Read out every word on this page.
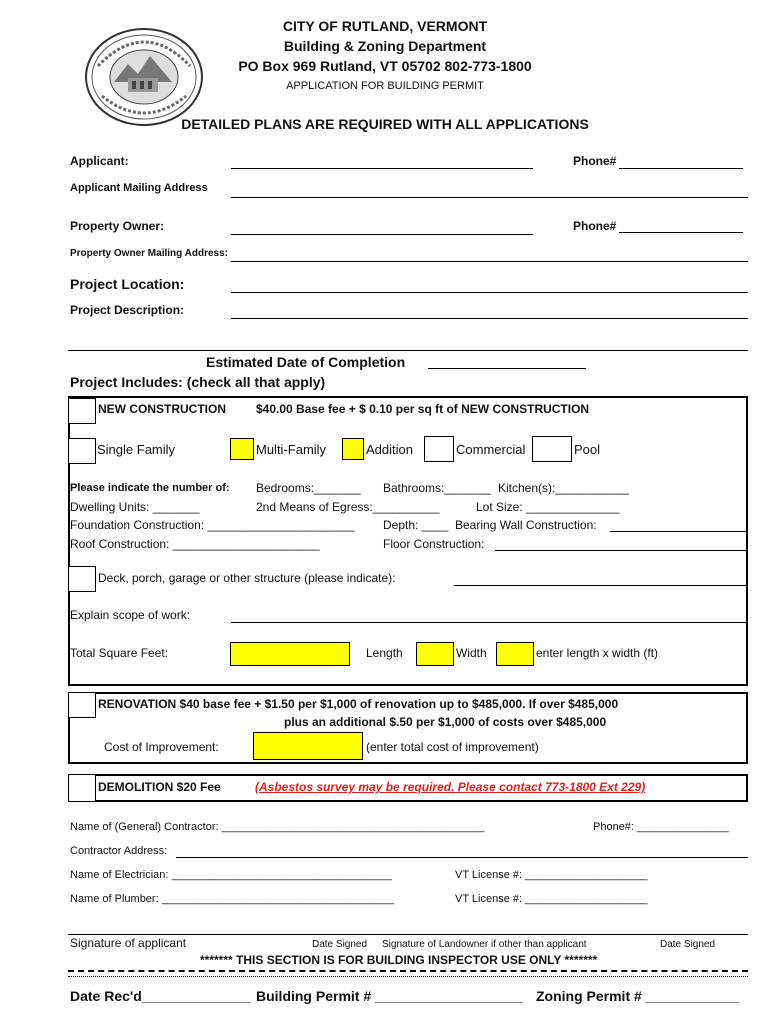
CITY OF RUTLAND, VERMONT
Building & Zoning Department
PO Box 969 Rutland, VT 05702 802-773-1800
APPLICATION FOR BUILDING PERMIT
DETAILED PLANS ARE REQUIRED WITH ALL APPLICATIONS
Applicant:	Phone#
Applicant Mailing Address
Property Owner:	Phone#
Property Owner Mailing Address:
Project Location:
Project Description:
Estimated Date of Completion
Project Includes: (check all that apply)
NEW CONSTRUCTION	$40.00 Base fee + $ 0.10 per sq ft of NEW CONSTRUCTION
Single Family	Multi-Family	Addition	Commercial	Pool
Please indicate the number of: Bedrooms:_______ Bathrooms:_______ Kitchen(s):___________
Dwelling Units: _______	2nd Means of Egress:__________	Lot Size: ______________
Foundation Construction: ______________________ Depth: ____ Bearing Wall Construction:
Roof Construction: ______________________	Floor Construction:
Deck, porch, garage or other structure (please indicate):
Explain scope of work:
Total Square Feet:	Length	Width	enter length x width (ft)
RENOVATION $40 base fee + $1.50 per $1,000 of renovation up to $485,000. If over $485,000
plus an additional $.50 per $1,000 of costs over $485,000
Cost of Improvement:	(enter total cost of improvement)
DEMOLITION $20 Fee	(Asbestos survey may be required. Please contact 773-1800 Ext 229)
Name of (General) Contractor: ___________________________________________	Phone#: _______________
Contractor Address:
Name of Electrician: ____________________________________	VT License #: ____________________
Name of Plumber: ______________________________________	VT License #: ____________________
Signature of applicant	Date Signed Signature of Landowner if other than applicant	Date Signed
******* THIS SECTION IS FOR BUILDING INSPECTOR USE ONLY *******
Date Rec'd______________ Building Permit # ___________________ Zoning Permit # ____________
